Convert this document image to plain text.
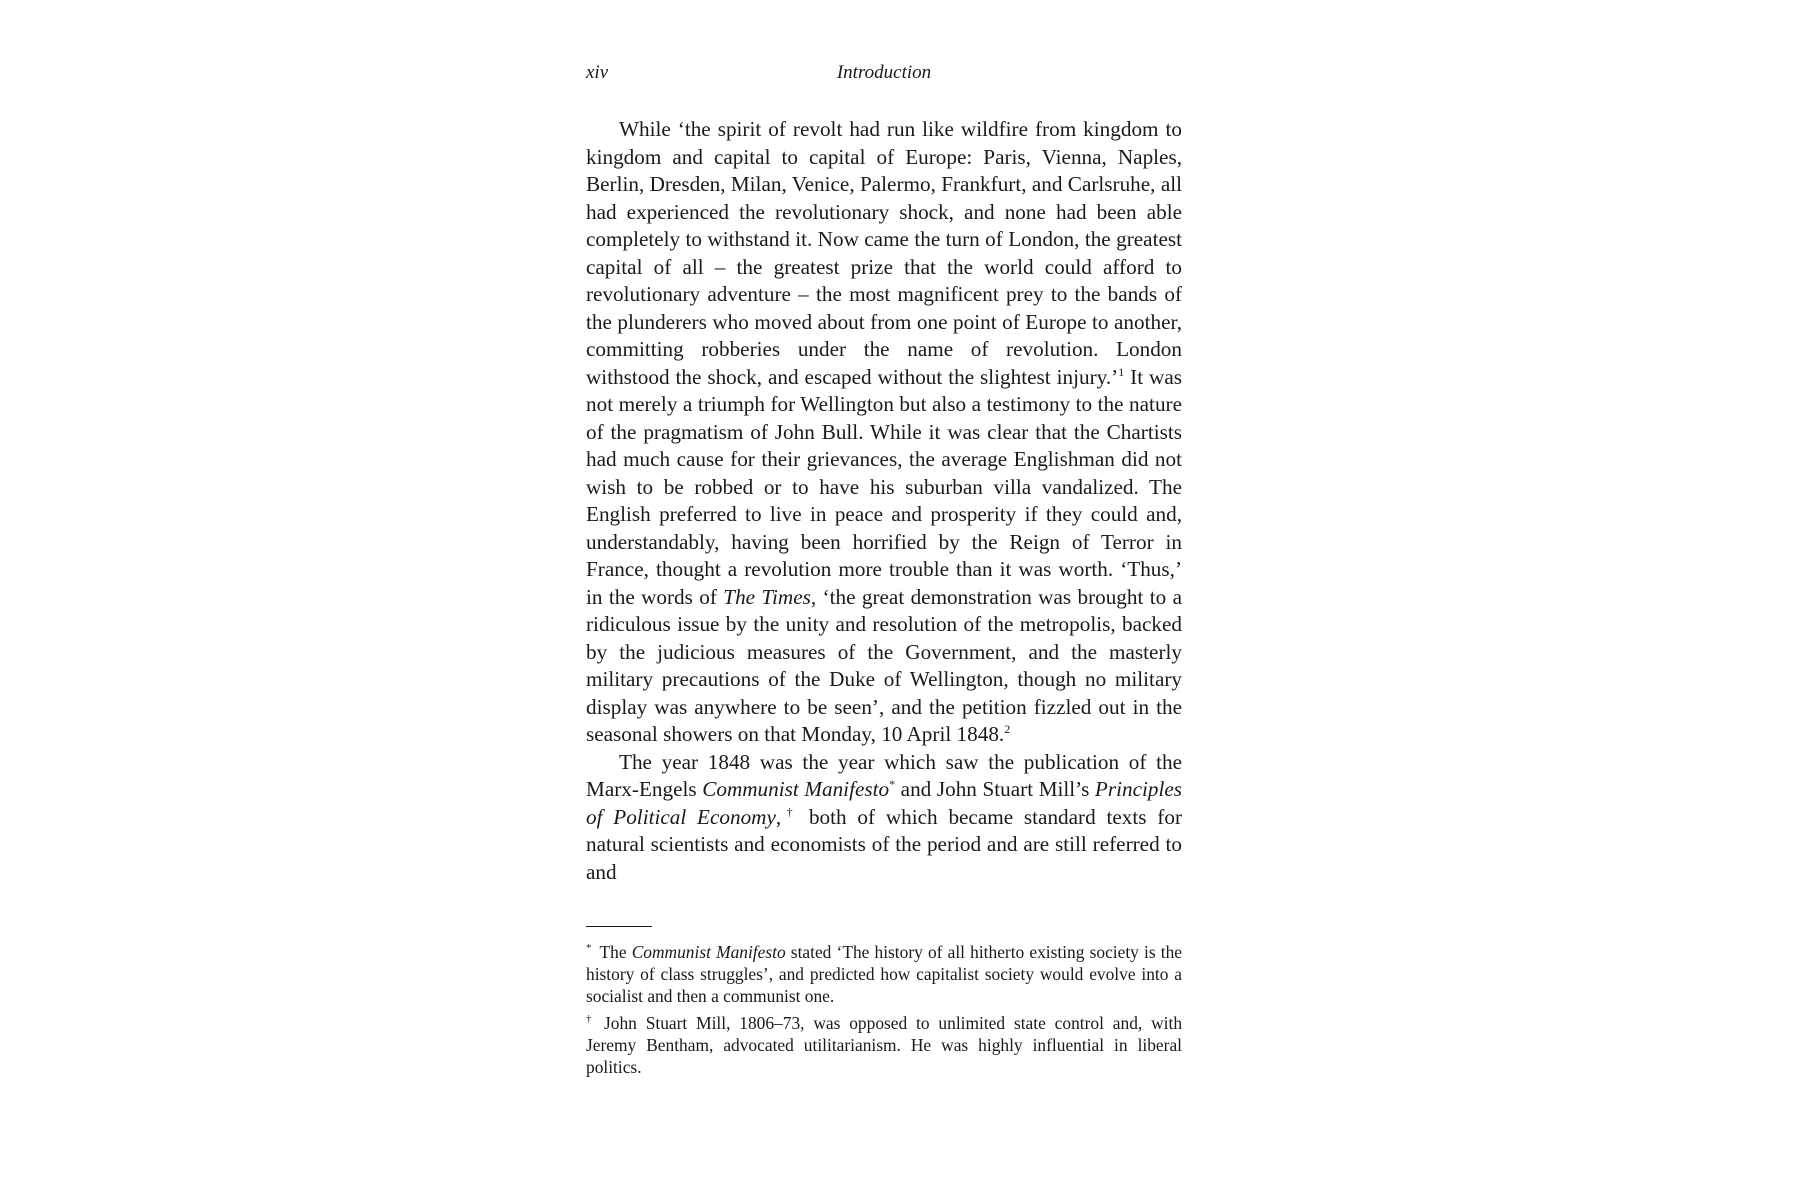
xiv	Introduction

While ‘the spirit of revolt had run like wildfire from kingdom to kingdom and capital to capital of Europe: Paris, Vienna, Naples, Berlin, Dresden, Milan, Venice, Palermo, Frankfurt, and Carlsruhe, all had experienced the revolutionary shock, and none had been able completely to withstand it. Now came the turn of London, the greatest capital of all – the greatest prize that the world could afford to revolutionary adventure – the most magnificent prey to the bands of the plunderers who moved about from one point of Europe to another, committing robberies under the name of revolution. London withstood the shock, and escaped without the slightest injury.’$^1$ It was not merely a triumph for Wellington but also a testimony to the nature of the pragmatism of John Bull. While it was clear that the Chartists had much cause for their grievances, the average Englishman did not wish to be robbed or to have his suburban villa vandalized. The English preferred to live in peace and prosperity if they could and, understandably, having been horrified by the Reign of Terror in France, thought a revolution more trouble than it was worth. ‘Thus,’ in the words of The Times, ‘the great demonstration was brought to a ridiculous issue by the unity and resolution of the metropolis, backed by the judicious measures of the Government, and the masterly military precautions of the Duke of Wellington, though no military display was anywhere to be seen’, and the petition fizzled out in the seasonal showers on that Monday, 10 April 1848.$^2$

The year 1848 was the year which saw the publication of the Marx-Engels Communist Manifesto* and John Stuart Mill’s Principles of Political Economy,† both of which became standard texts for natural scientists and economists of the period and are still referred to and

* The Communist Manifesto stated ‘The history of all hitherto existing society is the history of class struggles’, and predicted how capitalist society would evolve into a socialist and then a communist one.

† John Stuart Mill, 1806–73, was opposed to unlimited state control and, with Jeremy Bentham, advocated utilitarianism. He was highly influential in liberal politics.
